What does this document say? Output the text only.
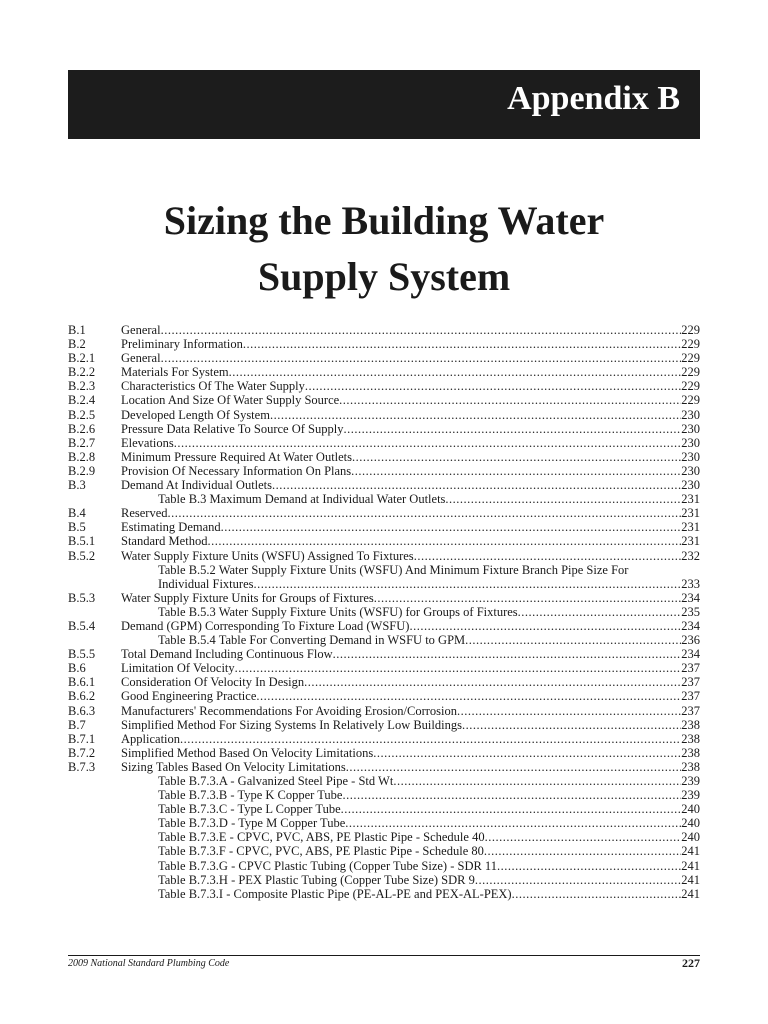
Appendix B
Sizing the Building Water
Supply System
B.1	General .....	229
B.2	Preliminary Information .....	229
B.2.1 General .....	229
B.2.2 Materials For System .....	229
B.2.3 Characteristics Of The Water Supply .....	229
B.2.4 Location And Size Of Water Supply Source .....	229
B.2.5 Developed Length Of System .....	230
B.2.6 Pressure Data Relative To Source Of Supply .....	230
B.2.7 Elevations .....	230
B.2.8 Minimum Pressure Required At Water Outlets .....	230
B.2.9 Provision Of Necessary Information On Plans .....	230
B.3	Demand At Individual Outlets .....	230
Table B.3 Maximum Demand at Individual Water Outlets .....	231
B.4	Reserved .....	231
B.5	Estimating Demand .....	231
B.5.1 Standard Method .....	231
B.5.2 Water Supply Fixture Units (WSFU) Assigned To Fixtures .....	232
Table B.5.2 Water Supply Fixture Units (WSFU) And Minimum Fixture Branch Pipe Size For
Individual Fixtures .....	233
B.5.3 Water Supply Fixture Units for Groups of Fixtures .....	234
Table B.5.3 Water Supply Fixture Units (WSFU) for Groups of Fixtures .....	235
B.5.4 Demand (GPM) Corresponding To Fixture Load (WSFU) .....	234
Table B.5.4 Table For Converting Demand in WSFU to GPM .....	236
B.5.5 Total Demand Including Continuous Flow .....	234
B.6	Limitation Of Velocity .....	237
B.6.1 Consideration Of Velocity In Design .....	237
B.6.2 Good Engineering Practice .....	237
B.6.3 Manufacturers' Recommendations For Avoiding Erosion/Corrosion .....	237
B.7	Simplified Method For Sizing Systems In Relatively Low Buildings .....	238
B.7.1 Application .....	238
B.7.2 Simplified Method Based On Velocity Limitations .....	238
B.7.3 Sizing Tables Based On Velocity Limitations .....	238
Table B.7.3.A - Galvanized Steel Pipe - Std Wt .....	239
Table B.7.3.B - Type K Copper Tube .....	239
Table B.7.3.C - Type L Copper Tube .....	240
Table B.7.3.D - Type M Copper Tube .....	240
Table B.7.3.E - CPVC, PVC, ABS, PE Plastic Pipe - Schedule 40 .....	240
Table B.7.3.F - CPVC, PVC, ABS, PE Plastic Pipe - Schedule 80 .....	241
Table B.7.3.G - CPVC Plastic Tubing (Copper Tube Size) - SDR 11 .....	241
Table B.7.3.H - PEX Plastic Tubing (Copper Tube Size) SDR 9 .....	241
Table B.7.3.I - Composite Plastic Pipe (PE-AL-PE and PEX-AL-PEX) .....	241
2009 National Standard Plumbing Code	227
